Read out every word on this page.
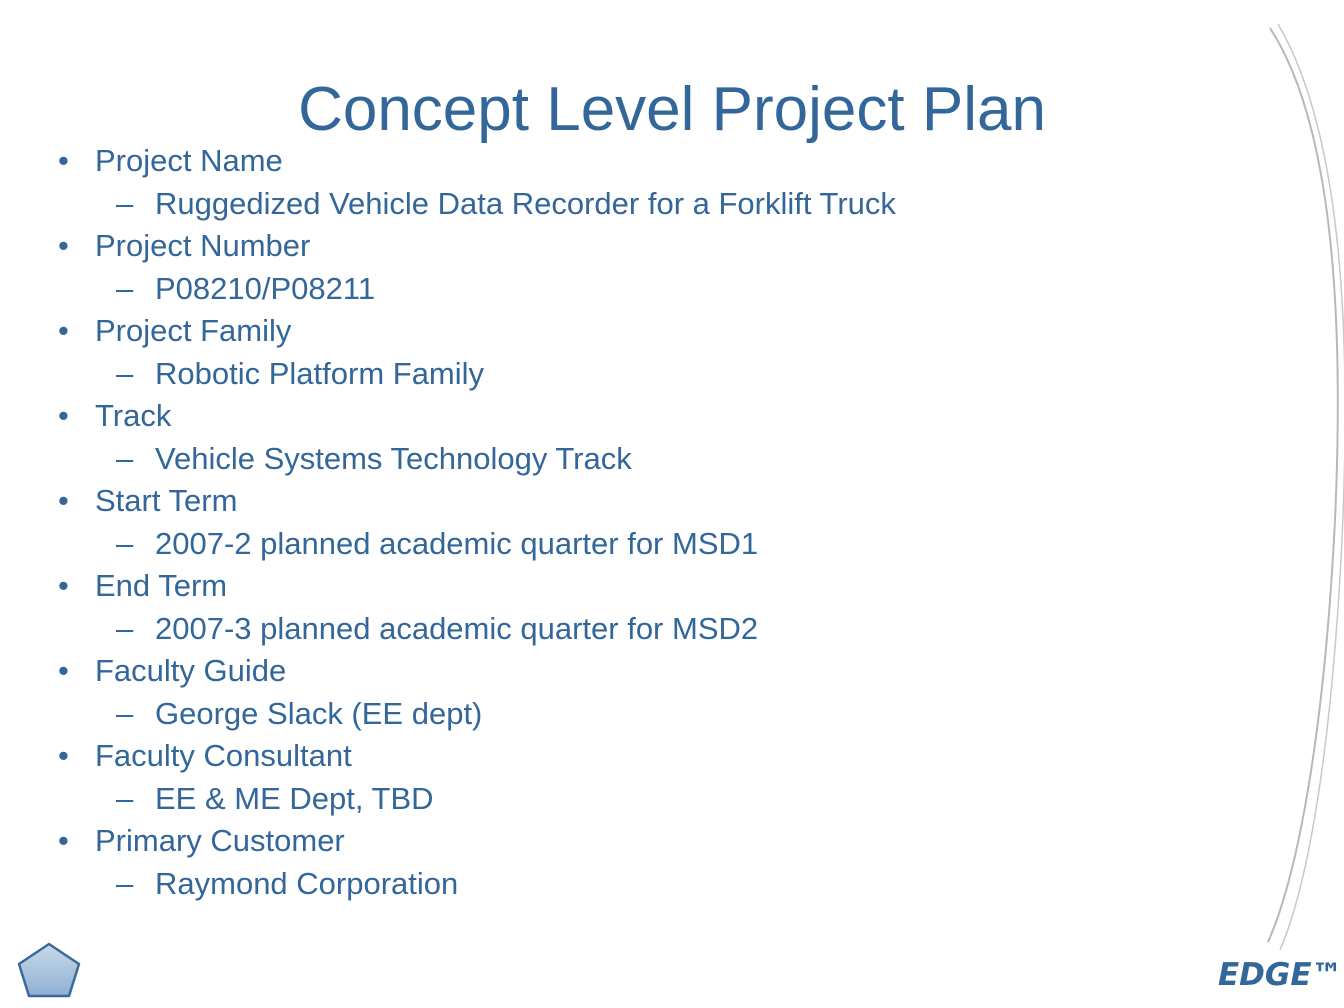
Concept Level Project Plan
• Project Name
– Ruggedized Vehicle Data Recorder for a Forklift Truck
• Project Number
– P08210/P08211
• Project Family
– Robotic Platform Family
• Track
– Vehicle Systems Technology Track
• Start Term
– 2007-2 planned academic quarter for MSD1
• End Term
– 2007-3 planned academic quarter for MSD2
• Faculty Guide
– George Slack (EE dept)
• Faculty Consultant
– EE & ME Dept, TBD
• Primary Customer
– Raymond Corporation
EDGE™
